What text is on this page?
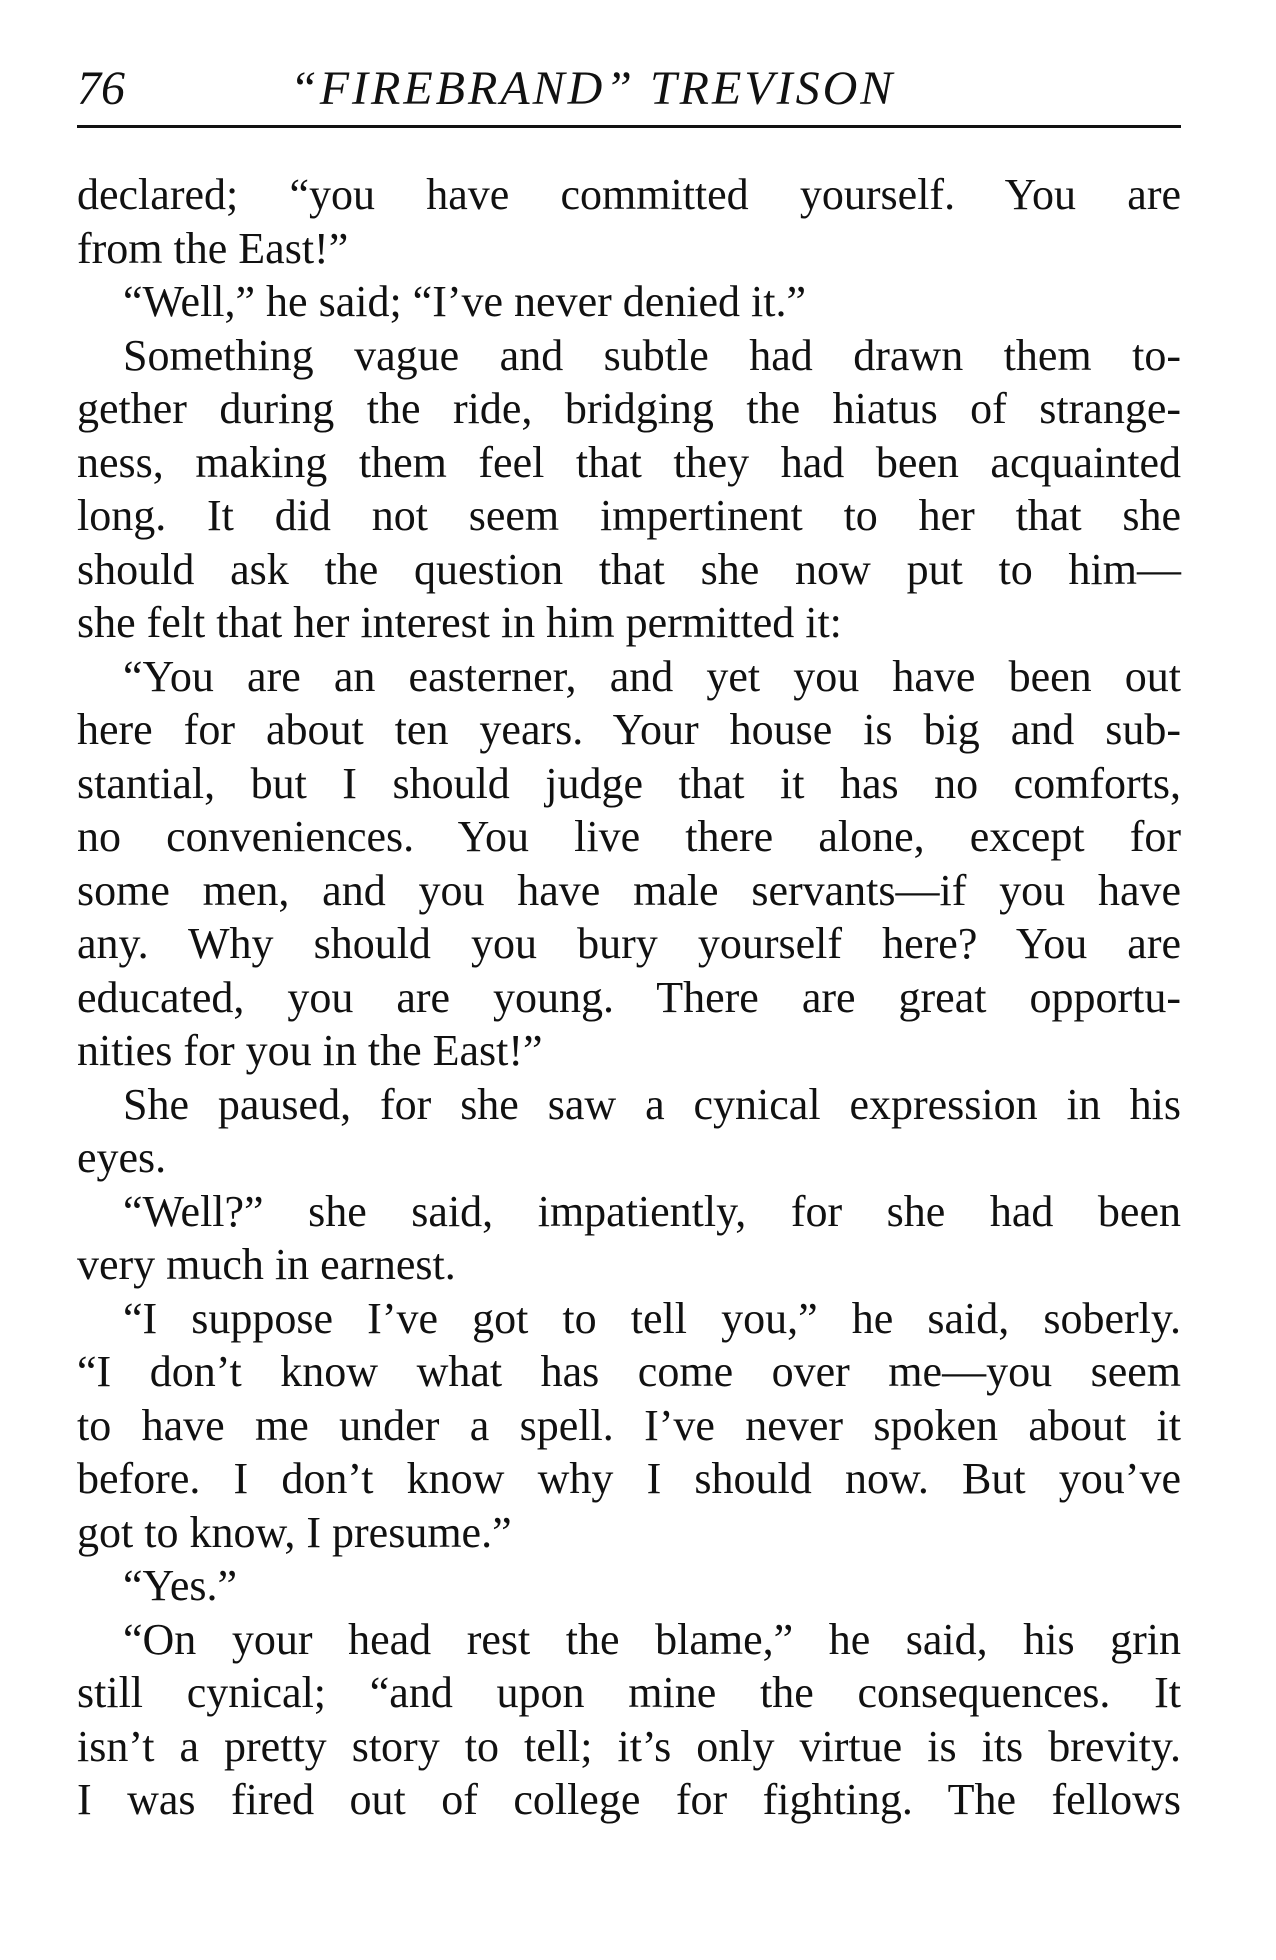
76	“FIREBRAND” TREVISON
declared; “you have committed yourself. You are
from the East!”
“Well,” he said; “I’ve never denied it.”
Something vague and subtle had drawn them to-
gether during the ride, bridging the hiatus of strange-
ness, making them feel that they had been acquainted
long. It did not seem impertinent to her that she
should ask the question that she now put to him—
she felt that her interest in him permitted it:
“You are an easterner, and yet you have been out
here for about ten years. Your house is big and sub-
stantial, but I should judge that it has no comforts,
no conveniences. You live there alone, except for
some men, and you have male servants—if you have
any. Why should you bury yourself here? You are
educated, you are young. There are great opportu-
nities for you in the East!”
She paused, for she saw a cynical expression in his
eyes.
“Well?” she said, impatiently, for she had been
very much in earnest.
“I suppose I’ve got to tell you,” he said, soberly.
“I don’t know what has come over me—you seem
to have me under a spell. I’ve never spoken about it
before. I don’t know why I should now. But you’ve
got to know, I presume.”
“Yes.”
“On your head rest the blame,” he said, his grin
still cynical; “and upon mine the consequences. It
isn’t a pretty story to tell; it’s only virtue is its brevity.
I was fired out of college for fighting. The fellows
